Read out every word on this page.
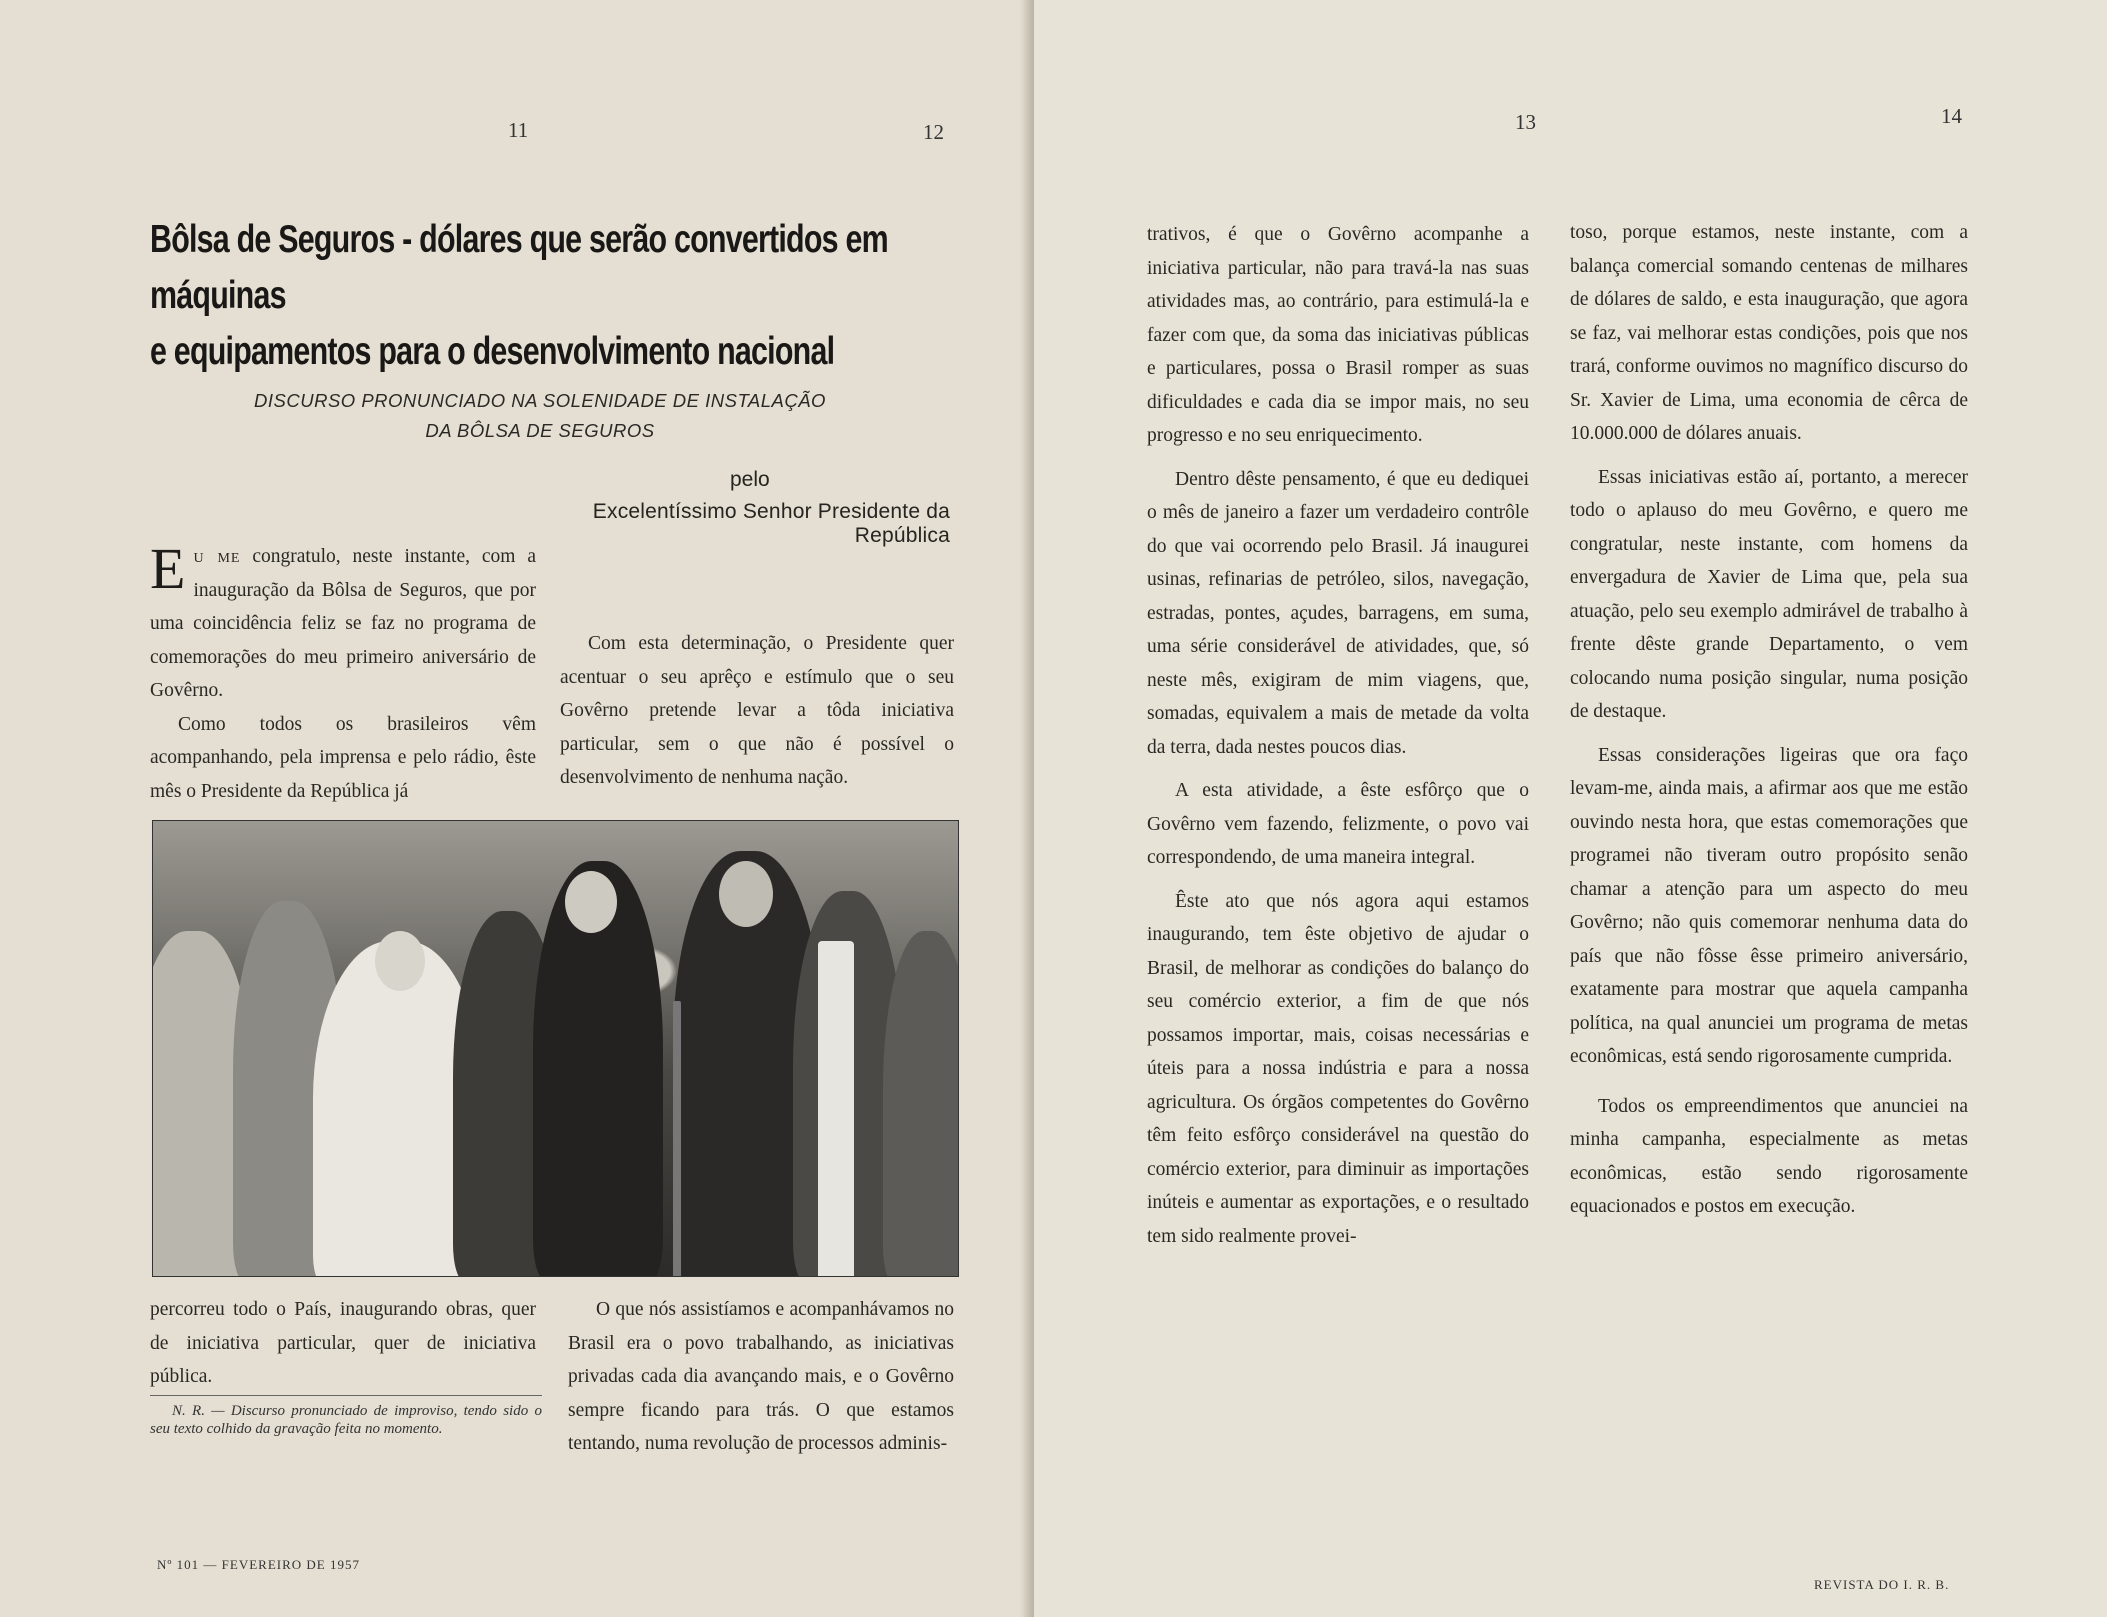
11	12
Bôlsa de Seguros - dólares que serão convertidos em máquinas
e equipamentos para o desenvolvimento nacional
DISCURSO PRONUNCIADO NA SOLENIDADE DE INSTALAÇÃO
DA BÔLSA DE SEGUROS
pelo
Excelentíssimo Senhor Presidente da República

Eu me congratulo, neste instante, com a inauguração da Bôlsa de Seguros, que por uma coincidência feliz se faz no programa de comemorações do meu primeiro aniversário de Govêrno.

Como todos os brasileiros vêm acompanhando, pela imprensa e pelo rádio, êste mês o Presidente da República já

Com esta determinação, o Presidente quer acentuar o seu aprêço e estímulo que o seu Govêrno pretende levar a tôda iniciativa particular, sem o que não é possível o desenvolvimento de nenhuma nação.

percorreu todo o País, inaugurando obras, quer de iniciativa particular, quer de iniciativa pública.

O que nós assistíamos e acompanhávamos no Brasil era o povo trabalhando, as iniciativas privadas cada dia avançando mais, e o Govêrno sempre ficando para trás. O que estamos tentando, numa revolução de processos adminis-

N. R. — Discurso pronunciado de improviso, tendo sido o seu texto colhido da gravação feita no momento.

Nº 101 — FEVEREIRO DE 1957
13	14

trativos, é que o Govêrno acompanhe a iniciativa particular, não para travá-la nas suas atividades mas, ao contrário, para estimulá-la e fazer com que, da soma das iniciativas públicas e particulares, possa o Brasil romper as suas dificuldades e cada dia se impor mais, no seu progresso e no seu enriquecimento.

Dentro dêste pensamento, é que eu dediquei o mês de janeiro a fazer um verdadeiro contrôle do que vai ocorrendo pelo Brasil. Já inaugurei usinas, refinarias de petróleo, silos, navegação, estradas, pontes, açudes, barragens, em suma, uma série considerável de atividades, que, só neste mês, exigiram de mim viagens, que, somadas, equivalem a mais de metade da volta da terra, dada nestes poucos dias.

A esta atividade, a êste esfôrço que o Govêrno vem fazendo, felizmente, o povo vai correspondendo, de uma maneira integral.

Êste ato que nós agora aqui estamos inaugurando, tem êste objetivo de ajudar o Brasil, de melhorar as condições do balanço do seu comércio exterior, a fim de que nós possamos importar, mais, coisas necessárias e úteis para a nossa indústria e para a nossa agricultura. Os órgãos competentes do Govêrno têm feito esfôrço considerável na questão do comércio exterior, para diminuir as importações inúteis e aumentar as exportações, e o resultado tem sido realmente provei-

toso, porque estamos, neste instante, com a balança comercial somando centenas de milhares de dólares de saldo, e esta inauguração, que agora se faz, vai melhorar estas condições, pois que nos trará, conforme ouvimos no magnífico discurso do Sr. Xavier de Lima, uma economia de cêrca de 10.000.000 de dólares anuais.

Essas iniciativas estão aí, portanto, a merecer todo o aplauso do meu Govêrno, e quero me congratular, neste instante, com homens da envergadura de Xavier de Lima que, pela sua atuação, pelo seu exemplo admirável de trabalho à frente dêste grande Departamento, o vem colocando numa posição singular, numa posição de destaque.

Essas considerações ligeiras que ora faço levam-me, ainda mais, a afirmar aos que me estão ouvindo nesta hora, que estas comemorações que programei não tiveram outro propósito senão chamar a atenção para um aspecto do meu Govêrno; não quis comemorar nenhuma data do país que não fôsse êsse primeiro aniversário, exatamente para mostrar que aquela campanha política, na qual anunciei um programa de metas econômicas, está sendo rigorosamente cumprida.

Todos os empreendimentos que anunciei na minha campanha, especialmente as metas econômicas, estão sendo rigorosamente equacionados e postos em execução.

REVISTA DO I. R. B.
